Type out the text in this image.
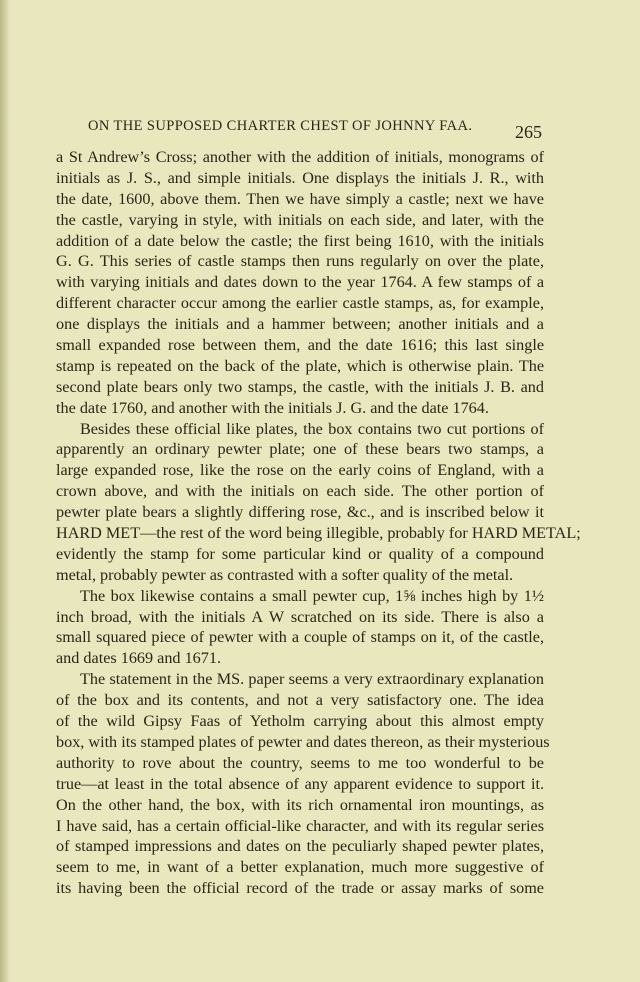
ON THE SUPPOSED CHARTER CHEST OF JOHNNY FAA.	265
a St Andrew’s Cross; another with the addition of initials, monograms of
initials as J. S., and simple initials. One displays the initials J. R., with
the date, 1600, above them. Then we have simply a castle; next we have
the castle, varying in style, with initials on each side, and later, with the
addition of a date below the castle; the first being 1610, with the initials
G. G. This series of castle stamps then runs regularly on over the plate,
with varying initials and dates down to the year 1764. A few stamps of a
different character occur among the earlier castle stamps, as, for example,
one displays the initials and a hammer between; another initials and a
small expanded rose between them, and the date 1616; this last single
stamp is repeated on the back of the plate, which is otherwise plain. The
second plate bears only two stamps, the castle, with the initials J. B. and
the date 1760, and another with the initials J. G. and the date 1764.
Besides these official like plates, the box contains two cut portions of
apparently an ordinary pewter plate; one of these bears two stamps, a
large expanded rose, like the rose on the early coins of England, with a
crown above, and with the initials on each side. The other portion of
pewter plate bears a slightly differing rose, &c., and is inscribed below it
HARD MET—the rest of the word being illegible, probably for HARD METAL;
evidently the stamp for some particular kind or quality of a compound
metal, probably pewter as contrasted with a softer quality of the metal.
The box likewise contains a small pewter cup, 1⅝ inches high by 1½
inch broad, with the initials A W scratched on its side. There is also a
small squared piece of pewter with a couple of stamps on it, of the castle,
and dates 1669 and 1671.
The statement in the MS. paper seems a very extraordinary explanation
of the box and its contents, and not a very satisfactory one. The idea
of the wild Gipsy Faas of Yetholm carrying about this almost empty
box, with its stamped plates of pewter and dates thereon, as their mysterious
authority to rove about the country, seems to me too wonderful to be
true—at least in the total absence of any apparent evidence to support it.
On the other hand, the box, with its rich ornamental iron mountings, as
I have said, has a certain official-like character, and with its regular series
of stamped impressions and dates on the peculiarly shaped pewter plates,
seem to me, in want of a better explanation, much more suggestive of
its having been the official record of the trade or assay marks of some
